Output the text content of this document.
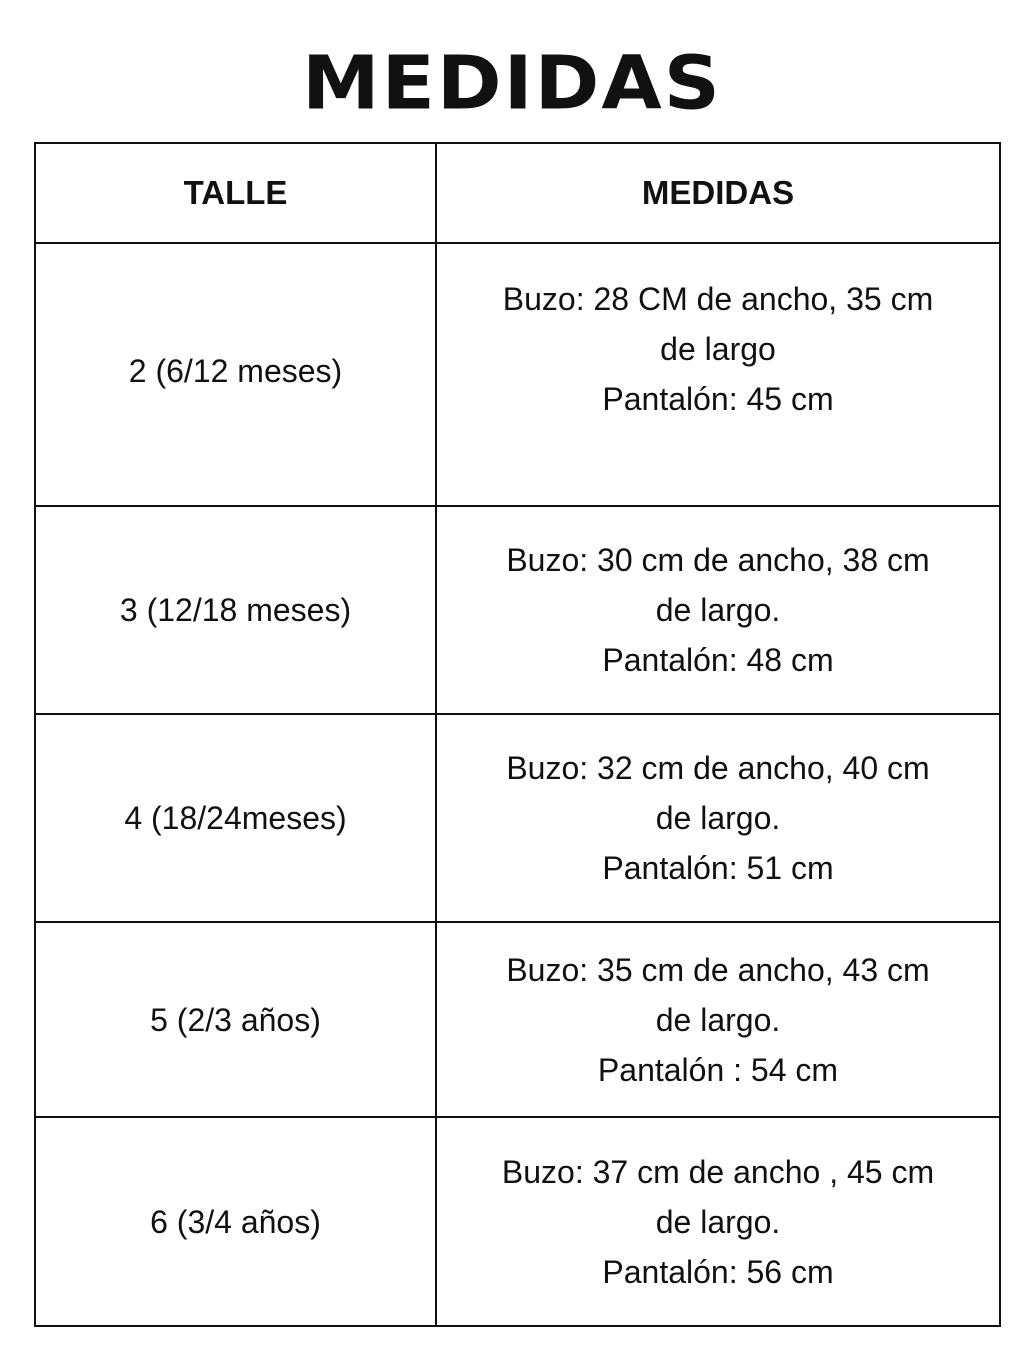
MEDIDAS
TALLE	MEDIDAS
2 (6/12 meses)	Buzo: 28 CM de ancho, 35 cm
de largo
Pantalón: 45 cm

3 (12/18 meses)	Buzo: 30 cm de ancho, 38 cm
de largo.
Pantalón: 48 cm

4 (18/24meses)	Buzo: 32 cm de ancho, 40 cm
de largo.
Pantalón: 51 cm

5 (2/3 años)	Buzo: 35 cm de ancho, 43 cm
de largo.
Pantalón : 54 cm

6 (3/4 años)	Buzo: 37 cm de ancho , 45 cm
de largo.
Pantalón: 56 cm
